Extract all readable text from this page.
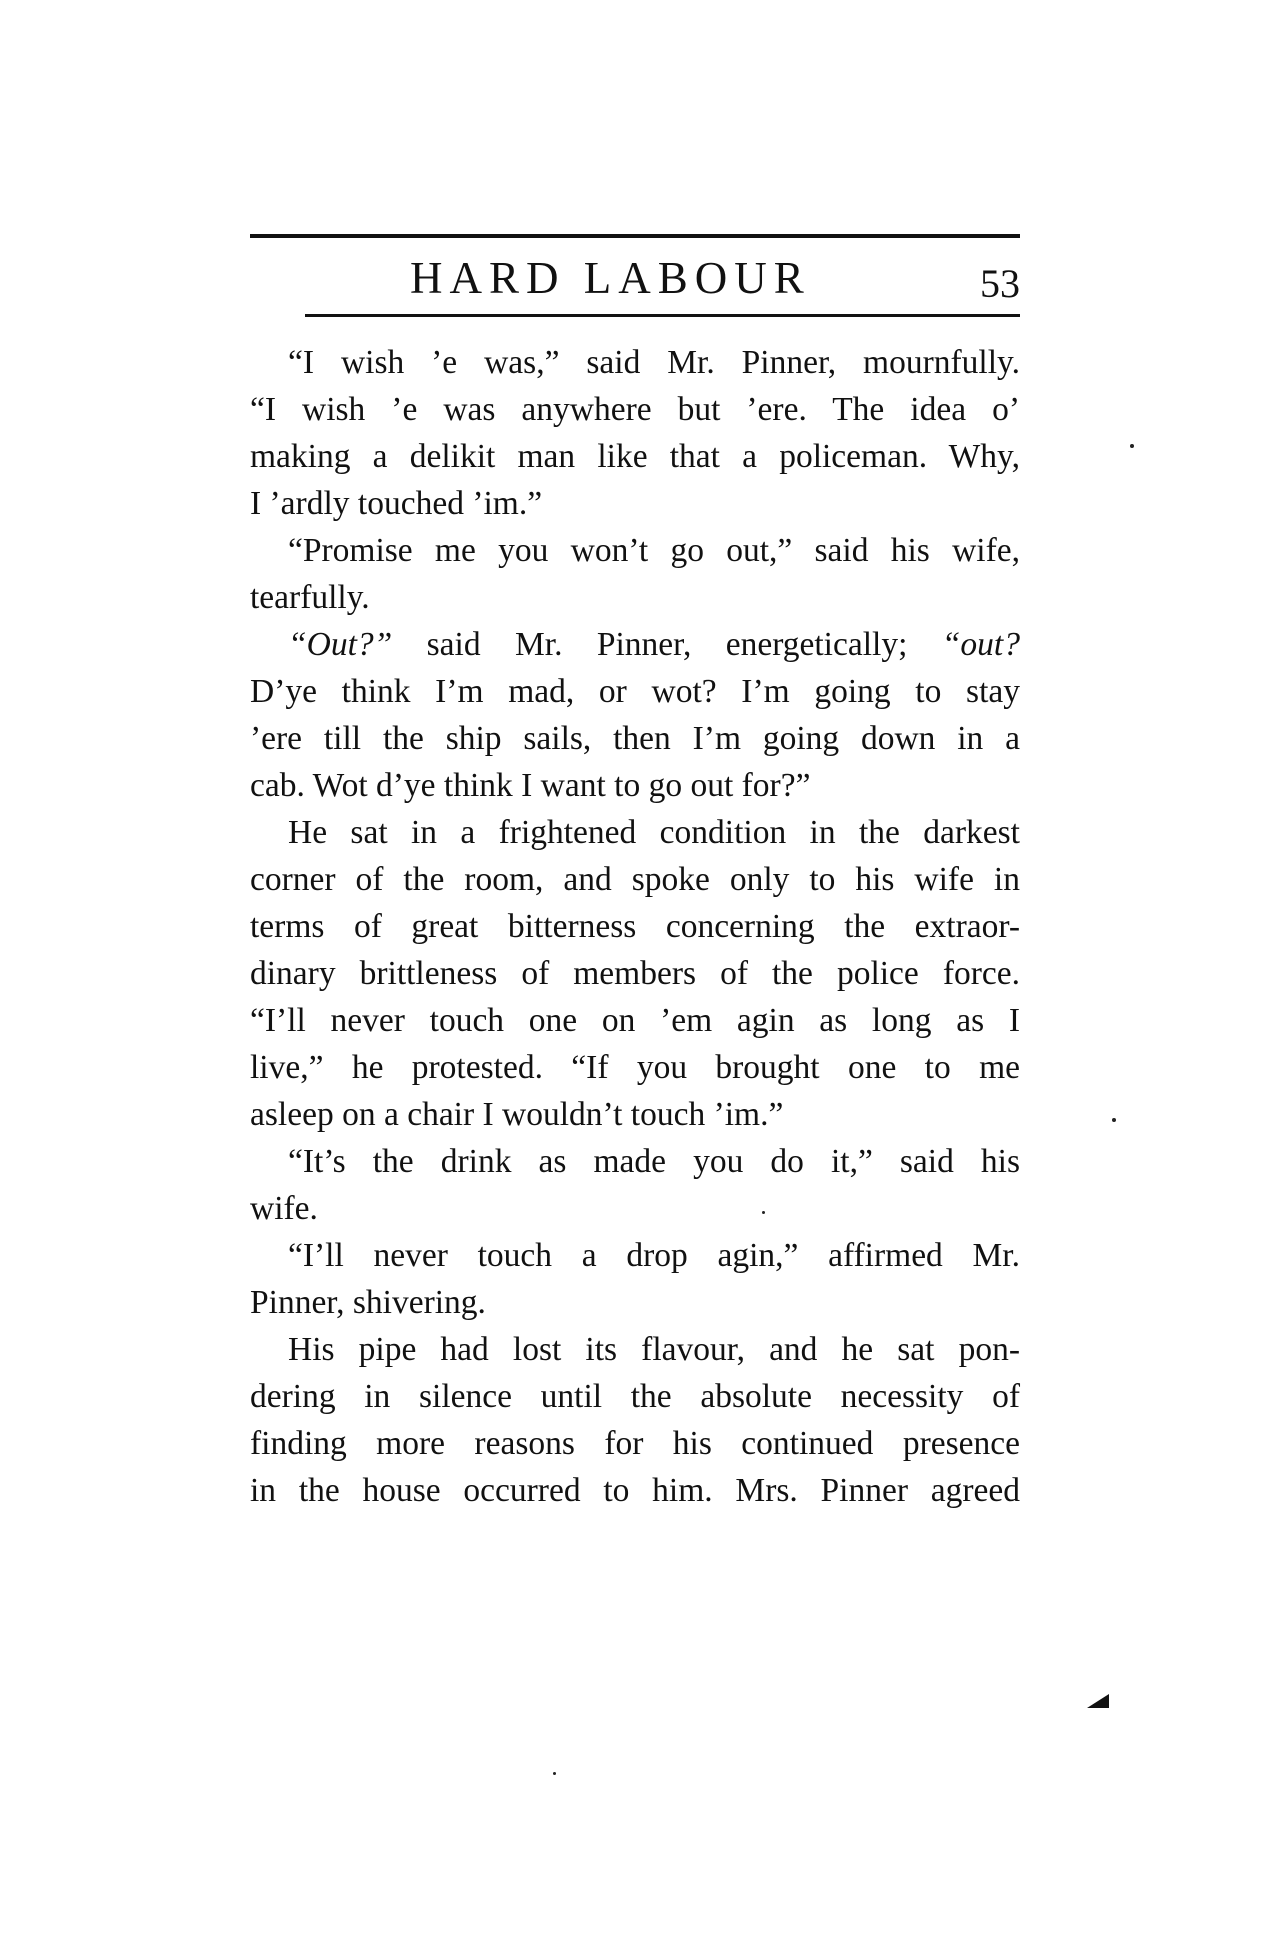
HARD LABOUR	53
“I wish ’e was,” said Mr. Pinner, mournfully.
“I wish ’e was anywhere but ’ere. The idea o’
making a delikit man like that a policeman. Why,
I ’ardly touched ’im.”
“Promise me you won’t go out,” said his wife,
tearfully.
“Out?” said Mr. Pinner, energetically; “out?
D’ye think I’m mad, or wot? I’m going to stay
’ere till the ship sails, then I’m going down in a
cab. Wot d’ye think I want to go out for?”
He sat in a frightened condition in the darkest
corner of the room, and spoke only to his wife in
terms of great bitterness concerning the extraor-
dinary brittleness of members of the police force.
“I’ll never touch one on ’em agin as long as I
live,” he protested. “If you brought one to me
asleep on a chair I wouldn’t touch ’im.”
“It’s the drink as made you do it,” said his
wife.
“I’ll never touch a drop agin,” affirmed Mr.
Pinner, shivering.
His pipe had lost its flavour, and he sat pon-
dering in silence until the absolute necessity of
finding more reasons for his continued presence
in the house occurred to him. Mrs. Pinner agreed
